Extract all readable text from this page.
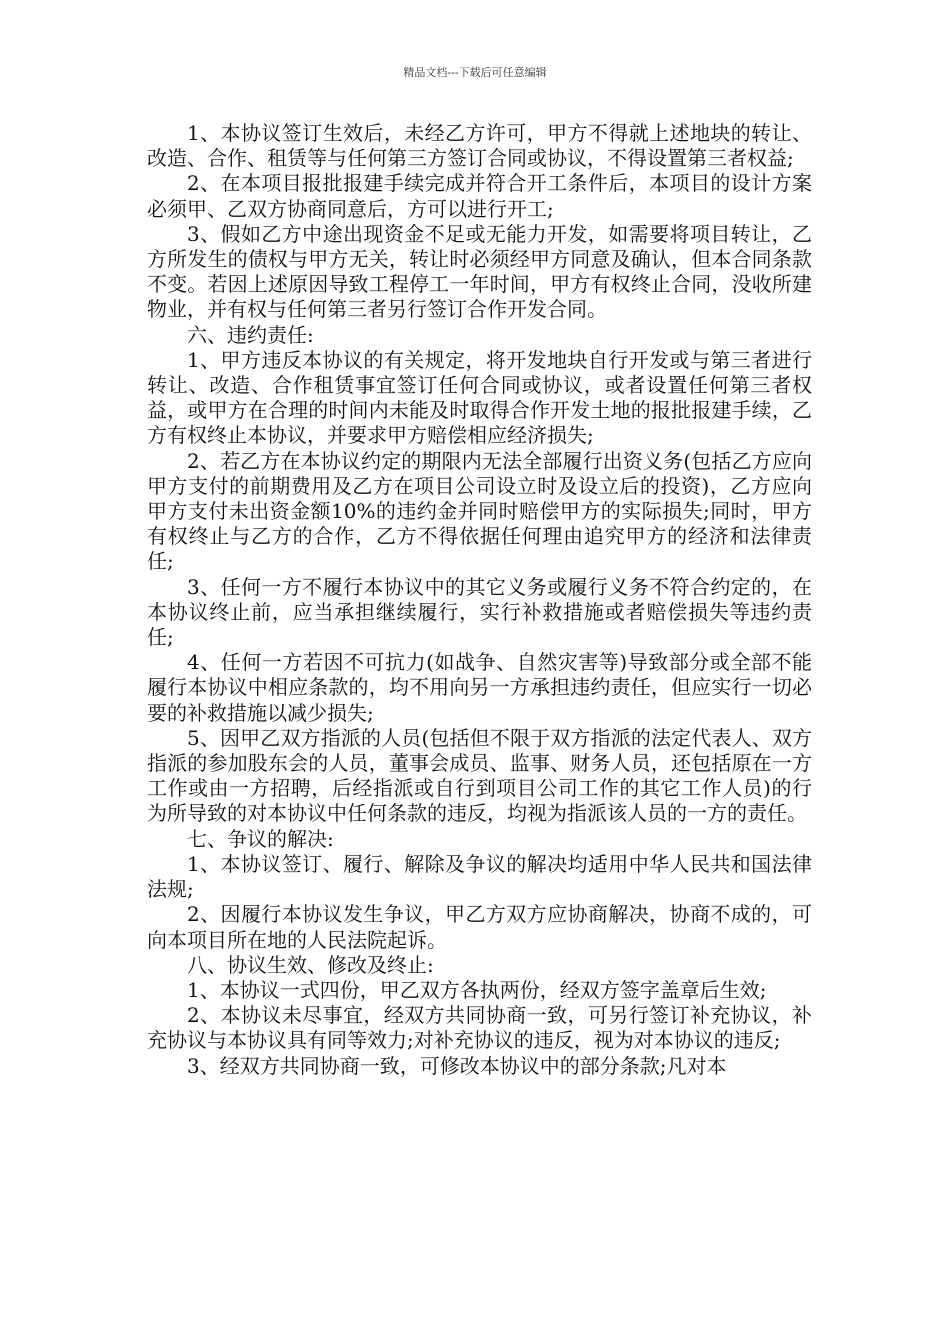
精品文档---下载后可任意编辑

1、本协议签订生效后，未经乙方许可，甲方不得就上述地块的转让、改造、合作、租赁等与任何第三方签订合同或协议，不得设置第三者权益;

2、在本项目报批报建手续完成并符合开工条件后，本项目的设计方案必须甲、乙双方协商同意后，方可以进行开工;

3、假如乙方中途出现资金不足或无能力开发，如需要将项目转让，乙方所发生的债权与甲方无关，转让时必须经甲方同意及确认，但本合同条款不变。若因上述原因导致工程停工一年时间，甲方有权终止合同，没收所建物业，并有权与任何第三者另行签订合作开发合同。

六、违约责任:

1、甲方违反本协议的有关规定，将开发地块自行开发或与第三者进行转让、改造、合作租赁事宜签订任何合同或协议，或者设置任何第三者权益，或甲方在合理的时间内未能及时取得合作开发土地的报批报建手续，乙方有权终止本协议，并要求甲方赔偿相应经济损失;

2、若乙方在本协议约定的期限内无法全部履行出资义务(包括乙方应向甲方支付的前期费用及乙方在项目公司设立时及设立后的投资)，乙方应向甲方支付未出资金额10%的违约金并同时赔偿甲方的实际损失;同时，甲方有权终止与乙方的合作，乙方不得依据任何理由追究甲方的经济和法律责任;

3、任何一方不履行本协议中的其它义务或履行义务不符合约定的，在本协议终止前，应当承担继续履行，实行补救措施或者赔偿损失等违约责任;

4、任何一方若因不可抗力(如战争、自然灾害等)导致部分或全部不能履行本协议中相应条款的，均不用向另一方承担违约责任，但应实行一切必要的补救措施以减少损失;

5、因甲乙双方指派的人员(包括但不限于双方指派的法定代表人、双方指派的参加股东会的人员，董事会成员、监事、财务人员，还包括原在一方工作或由一方招聘，后经指派或自行到项目公司工作的其它工作人员)的行为所导致的对本协议中任何条款的违反，均视为指派该人员的一方的责任。

七、争议的解决:

1、本协议签订、履行、解除及争议的解决均适用中华人民共和国法律法规;

2、因履行本协议发生争议，甲乙方双方应协商解决，协商不成的，可向本项目所在地的人民法院起诉。

八、协议生效、修改及终止:

1、本协议一式四份，甲乙双方各执两份，经双方签字盖章后生效;

2、本协议未尽事宜，经双方共同协商一致，可另行签订补充协议，补充协议与本协议具有同等效力;对补充协议的违反，视为对本协议的违反;

3、经双方共同协商一致，可修改本协议中的部分条款;凡对本
